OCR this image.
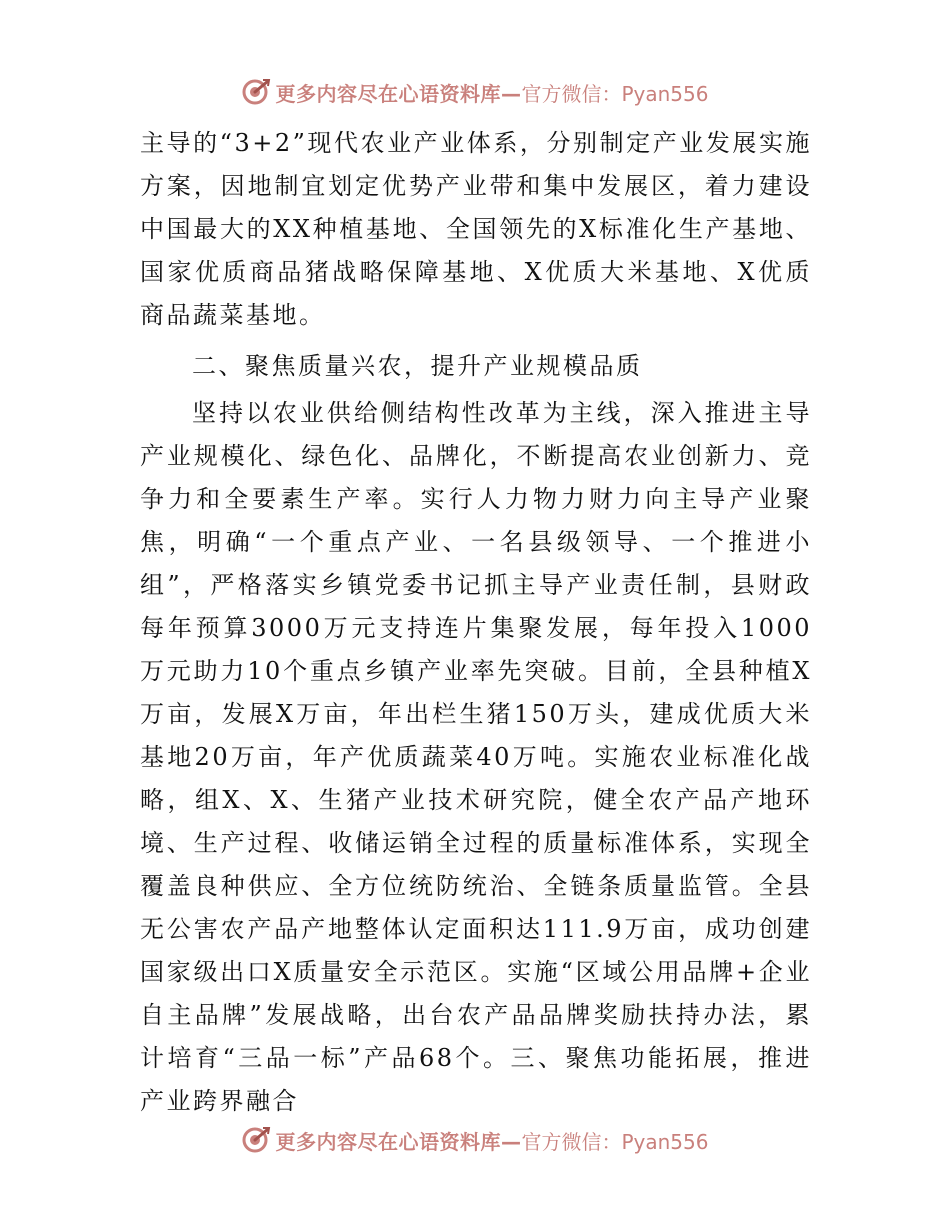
更多内容尽在心语资料库— 官方微信：Pyan556

主导的“3+2”现代农业产业体系，分别制定产业发展实施方案，因地制宜划定优势产业带和集中发展区，着力建设中国最大的XX种植基地、全国领先的X标准化生产基地、国家优质商品猪战略保障基地、X优质大米基地、X优质商品蔬菜基地。

二、聚焦质量兴农，提升产业规模品质

坚持以农业供给侧结构性改革为主线，深入推进主导产业规模化、绿色化、品牌化，不断提高农业创新力、竞争力和全要素生产率。实行人力物力财力向主导产业聚焦，明确“一个重点产业、一名县级领导、一个推进小组”，严格落实乡镇党委书记抓主导产业责任制，县财政每年预算3000万元支持连片集聚发展，每年投入1000万元助力10个重点乡镇产业率先突破。目前，全县种植X万亩，发展X万亩，年出栏生猪150万头，建成优质大米基地20万亩，年产优质蔬菜40万吨。实施农业标准化战略，组X、X、生猪产业技术研究院，健全农产品产地环境、生产过程、收储运销全过程的质量标准体系，实现全覆盖良种供应、全方位统防统治、全链条质量监管。全县无公害农产品产地整体认定面积达111.9万亩，成功创建国家级出口X质量安全示范区。实施“区域公用品牌+企业自主品牌”发展战略，出台农产品品牌奖励扶持办法，累计培育“三品一标”产品68个。三、聚焦功能拓展，推进产业跨界融合

更多内容尽在心语资料库— 官方微信：Pyan556
